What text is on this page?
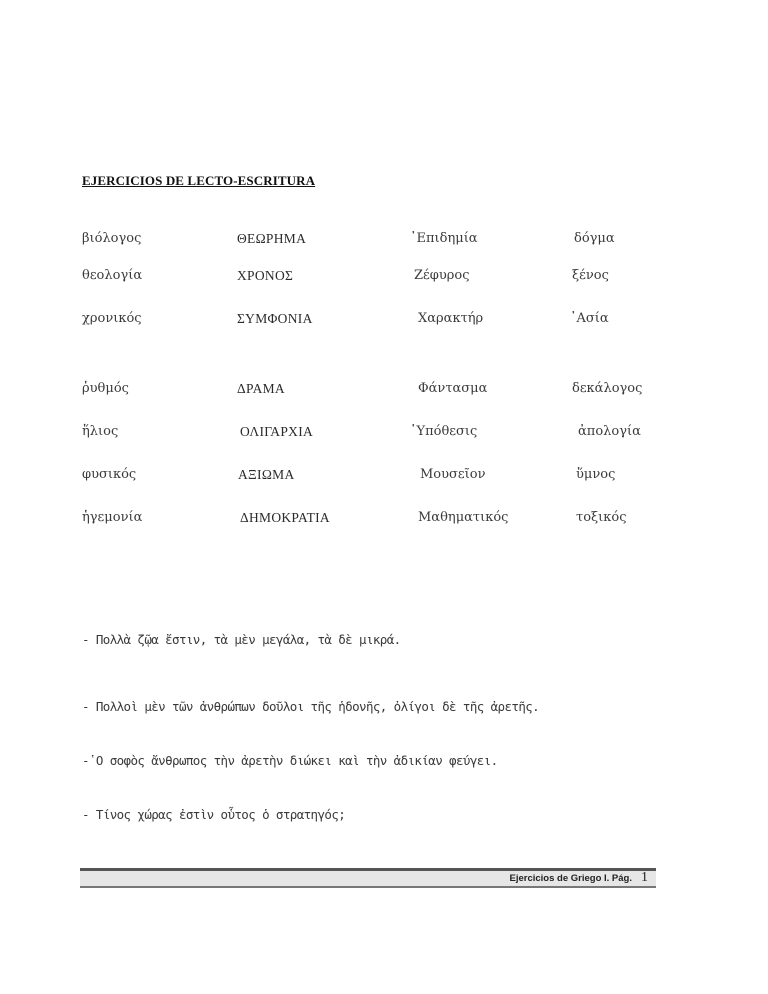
EJERCICIOS DE LECTO-ESCRITURA
βιόλογος	ΘΕΩΡΗΜΑ	᾽Επιδημία	δόγμα
θεολογία	ΧΡΟΝΟΣ	Ζέφυρος	ξένος
χρονικός	ΣΥΜΦΟΝΙΑ	Χαρακτήρ	᾽Ασία
ῥυθμός	ΔΡΑΜΑ	Φάντασμα	δεκάλογος
ἥλιος	ΟΛΙΓΑΡΧΙΑ	῾Υπόθεσις	ἀπολογία
φυσικός	ΑΞΙΩΜΑ	Μουσεῖον	ὕμνος
ἡγεμονία	ΔΗΜΟΚΡΑΤΙΑ	Μαθηματικός	τοξικός
- Πολλὰ ζῷα ἔστιν, τὰ μὲν μεγάλα, τὰ δὲ μικρά.
- Πολλοὶ μὲν τῶν ἀνθρώπων δοῦλοι τῆς ἡδονῆς, ὀλίγοι δὲ τῆς ἀρετῆς.
-῾Ο σοφὸς ἄνθρωπος τὴν ἀρετὴν διώκει καὶ τὴν ἀδικίαν φεύγει.
- Τίνος χώρας ἐστὶν οὗτος ὁ στρατηγός;
Ejercicios de Griego I. Pág. 1
